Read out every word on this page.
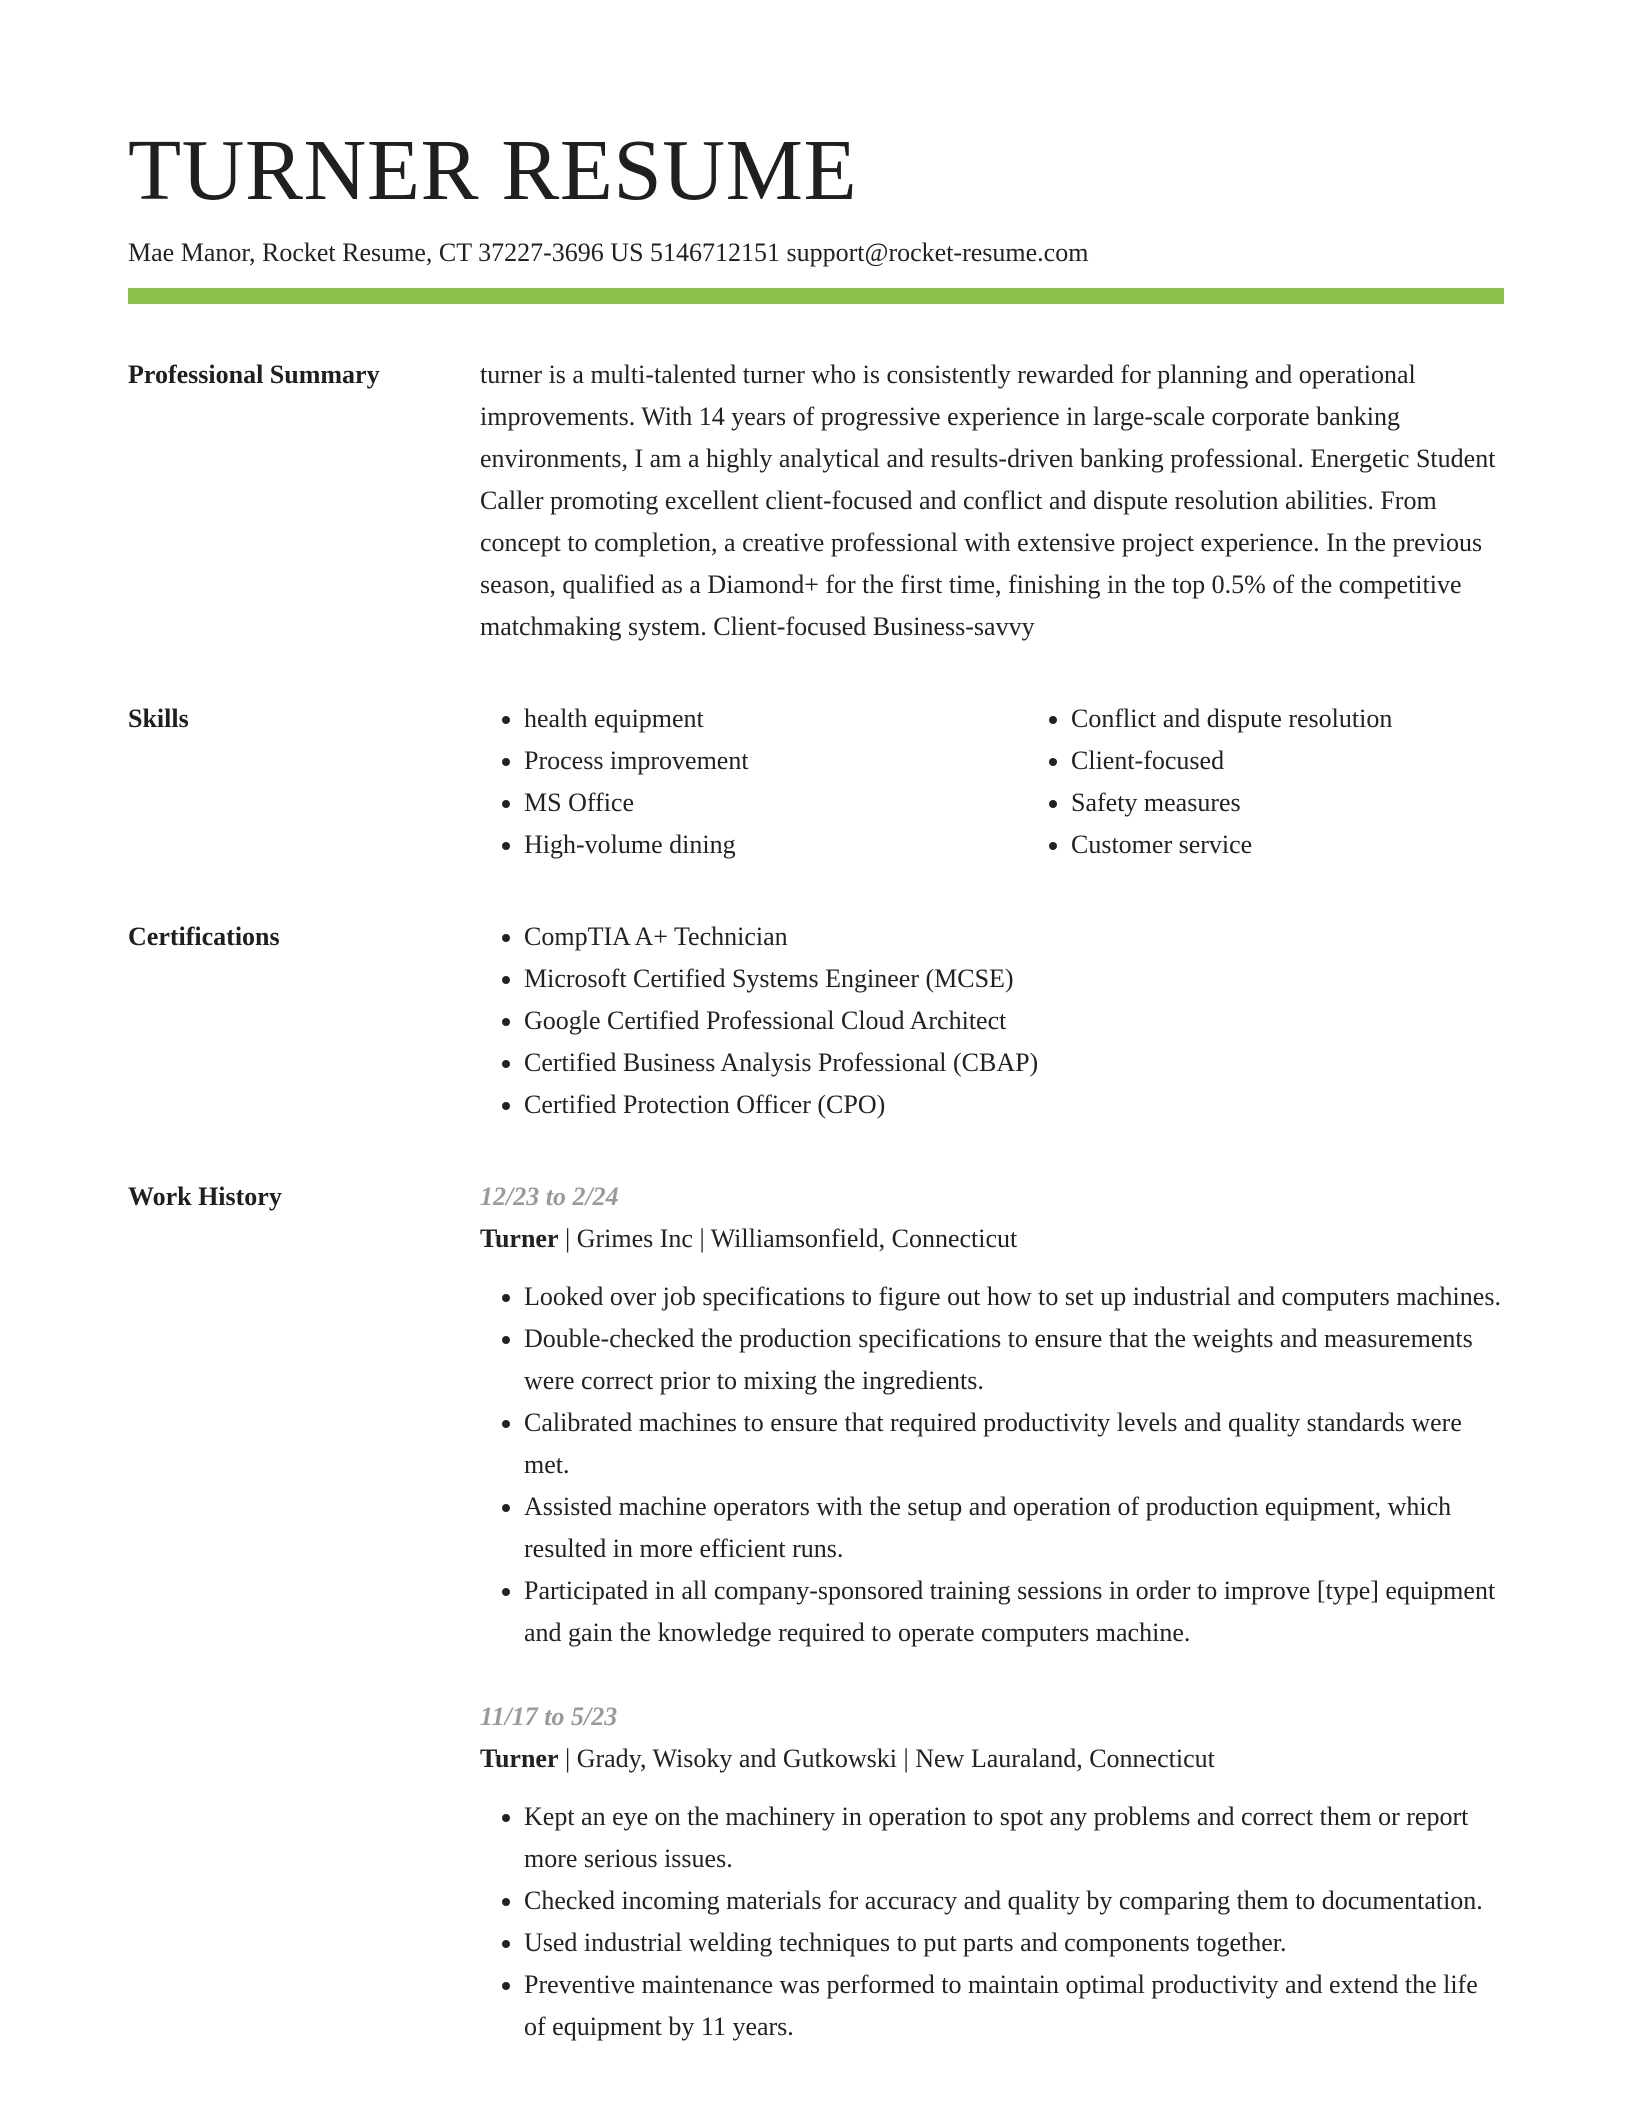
TURNER RESUME
Mae Manor, Rocket Resume, CT 37227-3696 US 5146712151 support@rocket-resume.com
Professional Summary	turner is a multi-talented turner who is consistently rewarded for planning and operational improvements. With 14 years of progressive experience in large-scale corporate banking environments, I am a highly analytical and results-driven banking professional. Energetic Student Caller promoting excellent client-focused and conflict and dispute resolution abilities. From concept to completion, a creative professional with extensive project experience. In the previous season, qualified as a Diamond+ for the first time, finishing in the top 0.5% of the competitive matchmaking system. Client-focused Business-savvy

Skills	• health equipment
• Process improvement
• MS Office
• High-volume dining
• Conflict and dispute resolution
• Client-focused
• Safety measures
• Customer service
Certifications	• CompTIA A+ Technician
• Microsoft Certified Systems Engineer (MCSE)
• Google Certified Professional Cloud Architect
• Certified Business Analysis Professional (CBAP)
• Certified Protection Officer (CPO)
Work History	12/23 to 2/24
Turner | Grimes Inc | Williamsonfield, Connecticut
• Looked over job specifications to figure out how to set up industrial and computers machines.
• Double-checked the production specifications to ensure that the weights and measurements were correct prior to mixing the ingredients.
• Calibrated machines to ensure that required productivity levels and quality standards were met.
• Assisted machine operators with the setup and operation of production equipment, which resulted in more efficient runs.
• Participated in all company-sponsored training sessions in order to improve [type] equipment and gain the knowledge required to operate computers machine.
11/17 to 5/23
Turner | Grady, Wisoky and Gutkowski | New Lauraland, Connecticut
• Kept an eye on the machinery in operation to spot any problems and correct them or report more serious issues.
• Checked incoming materials for accuracy and quality by comparing them to documentation.
• Used industrial welding techniques to put parts and components together.
• Preventive maintenance was performed to maintain optimal productivity and extend the life of equipment by 11 years.
